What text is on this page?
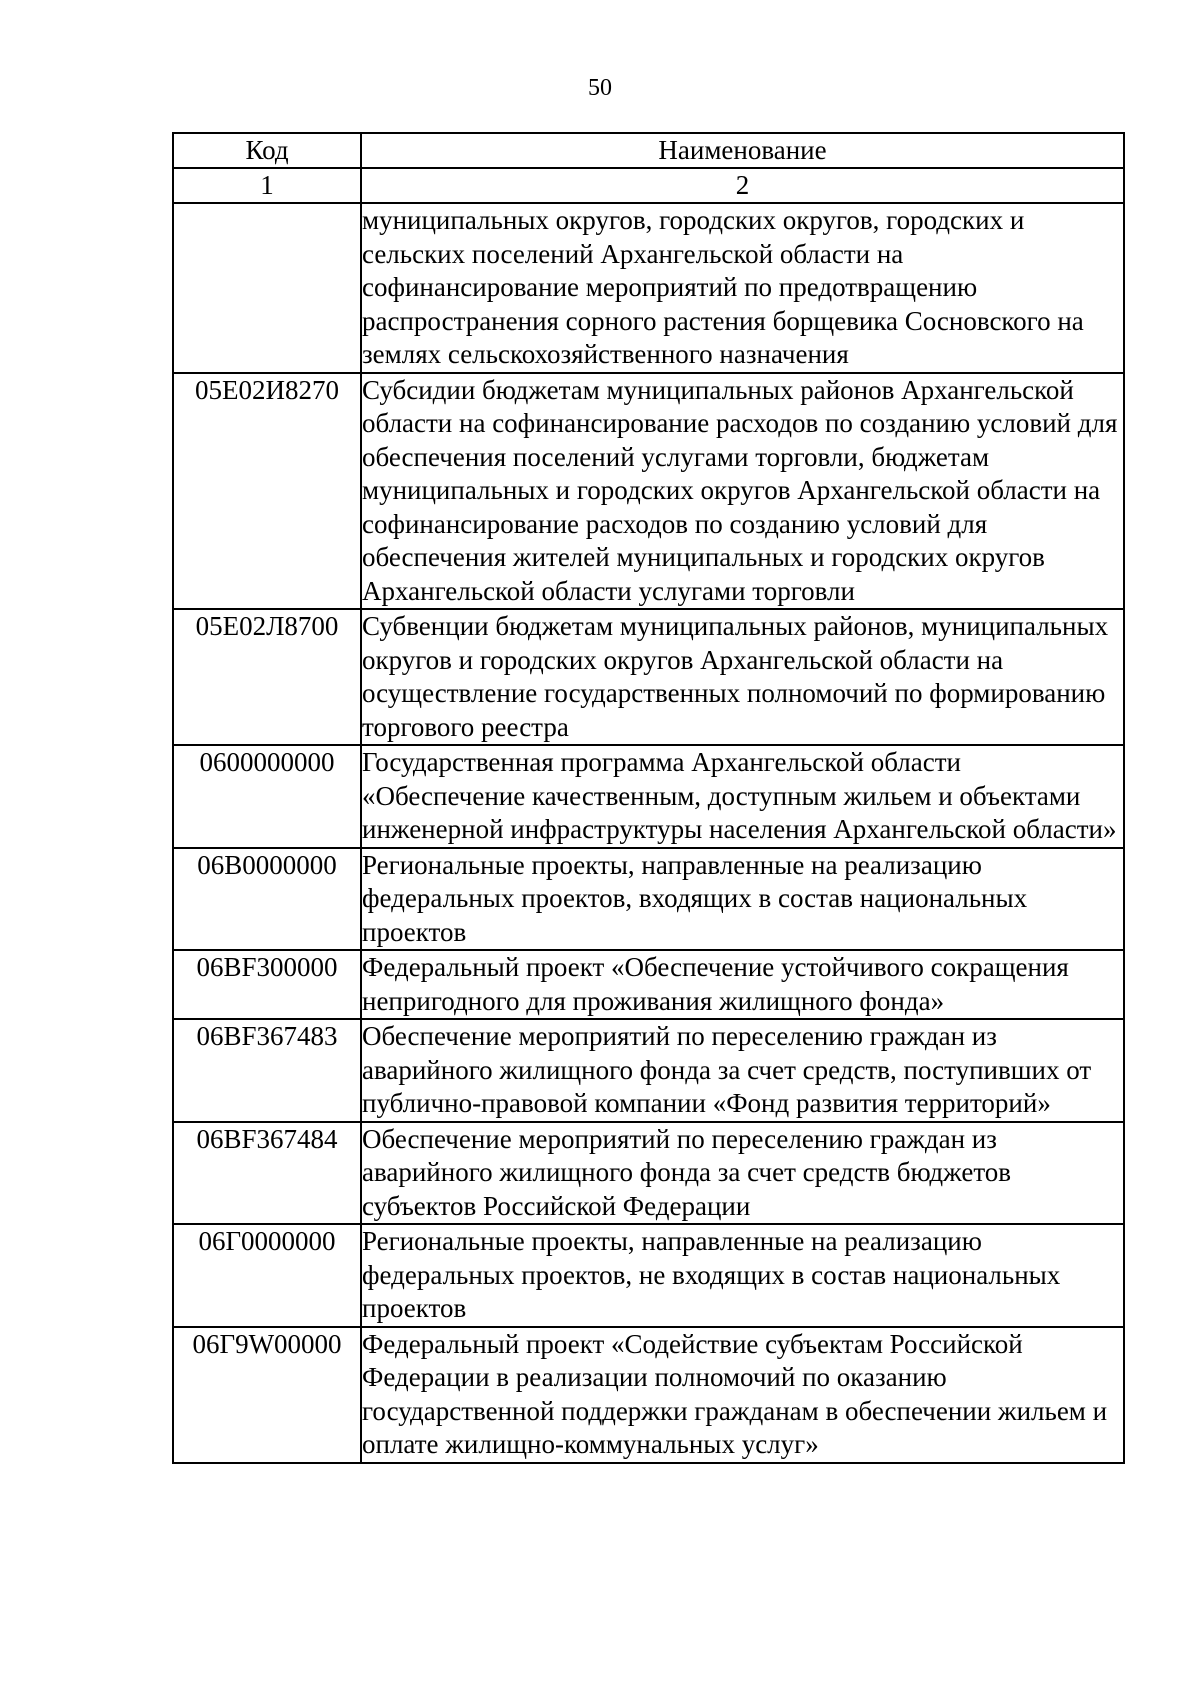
50
Код	Наименование
1	2
	муниципальных округов, городских округов, городских и сельских поселений Архангельской области на софинансирование мероприятий по предотвращению распространения сорного растения борщевика Сосновского на землях сельскохозяйственного назначения
05Е02И8270	Субсидии бюджетам муниципальных районов Архангельской области на софинансирование расходов по созданию условий для обеспечения поселений услугами торговли, бюджетам муниципальных и городских округов Архангельской области на софинансирование расходов по созданию условий для обеспечения жителей муниципальных и городских округов Архангельской области услугами торговли
05Е02Л8700	Субвенции бюджетам муниципальных районов, муниципальных округов и городских округов Архангельской области на осуществление государственных полномочий по формированию торгового реестра
0600000000	Государственная программа Архангельской области «Обеспечение качественным, доступным жильем и объектами инженерной инфраструктуры населения Архангельской области»
06В0000000	Региональные проекты, направленные на реализацию федеральных проектов, входящих в состав национальных проектов
06ВF300000	Федеральный проект «Обеспечение устойчивого сокращения непригодного для проживания жилищного фонда»
06ВF367483	Обеспечение мероприятий по переселению граждан из аварийного жилищного фонда за счет средств, поступивших от публично-правовой компании «Фонд развития территорий»
06ВF367484	Обеспечение мероприятий по переселению граждан из аварийного жилищного фонда за счет средств бюджетов субъектов Российской Федерации
06Г0000000	Региональные проекты, направленные на реализацию федеральных проектов, не входящих в состав национальных проектов
06Г9W00000	Федеральный проект «Содействие субъектам Российской Федерации в реализации полномочий по оказанию государственной поддержки гражданам в обеспечении жильем и оплате жилищно-коммунальных услуг»
